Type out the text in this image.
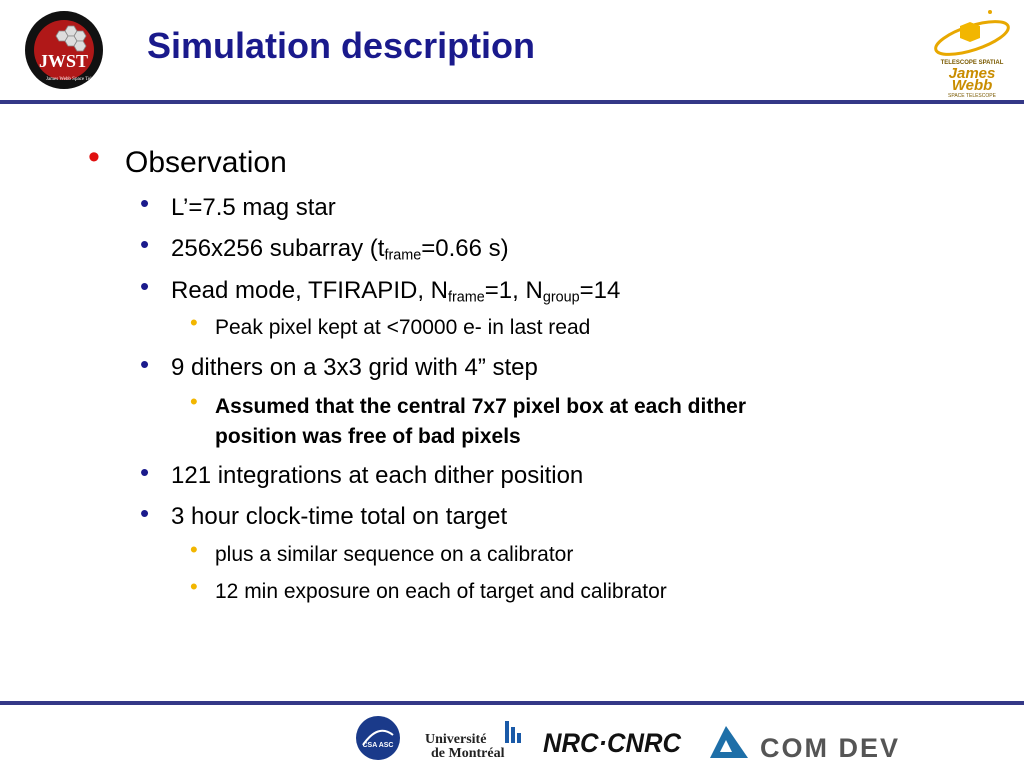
JWST
James Webb Space Telescope
Simulation description	TELESCOPE SPATIAL
James
Webb
SPACE TELESCOPE
• Observation
• L’=7.5 mag star
• 256x256 subarray ($t_{frame}=0.66$ s)
• Read mode, TFIRAPID, $N_{frame}=1$, $N_{group}=14$
• Peak pixel kept at <70000 e- in last read
• 9 dithers on a 3x3 grid with 4” step
• Assumed that the central 7x7 pixel box at each dither
position was free of bad pixels
• 121 integrations at each dither position
• 3 hour clock-time total on target
• plus a similar sequence on a calibrator
• 12 min exposure on each of target and calibrator
CSA ASC Université
de Montréal NRC·CNRC	COM DEV
